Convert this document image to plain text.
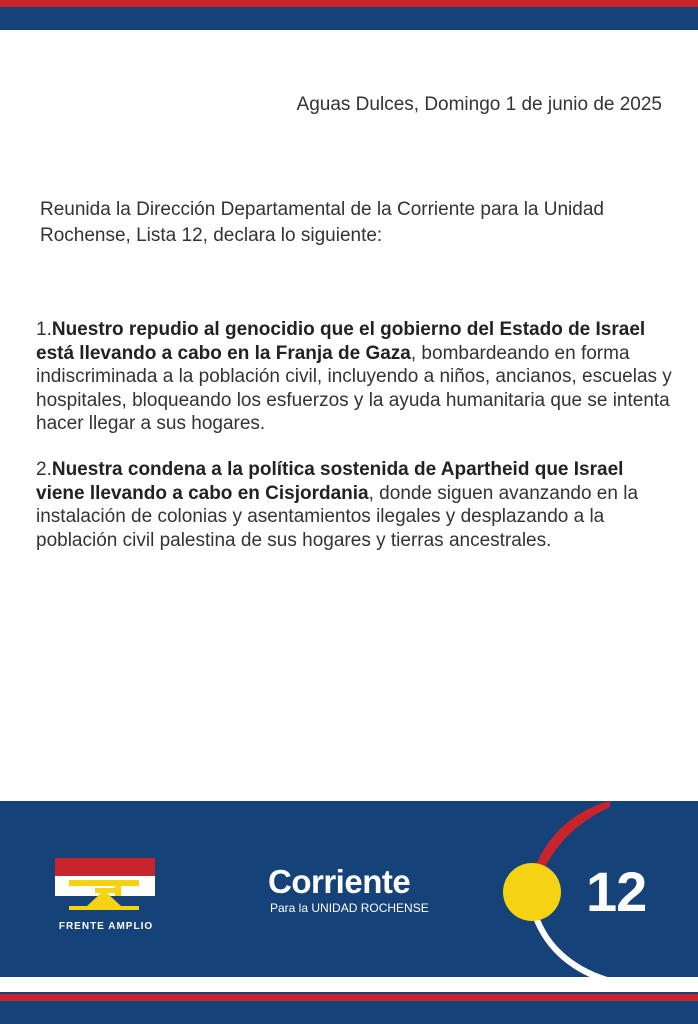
Aguas Dulces, Domingo 1 de junio de 2025
Reunida la Dirección Departamental de la Corriente para la Unidad Rochense, Lista 12, declara lo siguiente:
1.Nuestro repudio al genocidio que el gobierno del Estado de Israel está llevando a cabo en la Franja de Gaza, bombardeando en forma indiscriminada a la población civil, incluyendo a niños, ancianos, escuelas y hospitales, bloqueando los esfuerzos y la ayuda humanitaria que se intenta hacer llegar a sus hogares.
2.Nuestra condena a la política sostenida de Apartheid que Israel viene llevando a cabo en Cisjordania, donde siguen avanzando en la instalación de colonias y asentamientos ilegales y desplazando a la población civil palestina de sus hogares y tierras ancestrales.
FRENTE AMPLIO
Corriente
Para la UNIDAD ROCHENSE	12
